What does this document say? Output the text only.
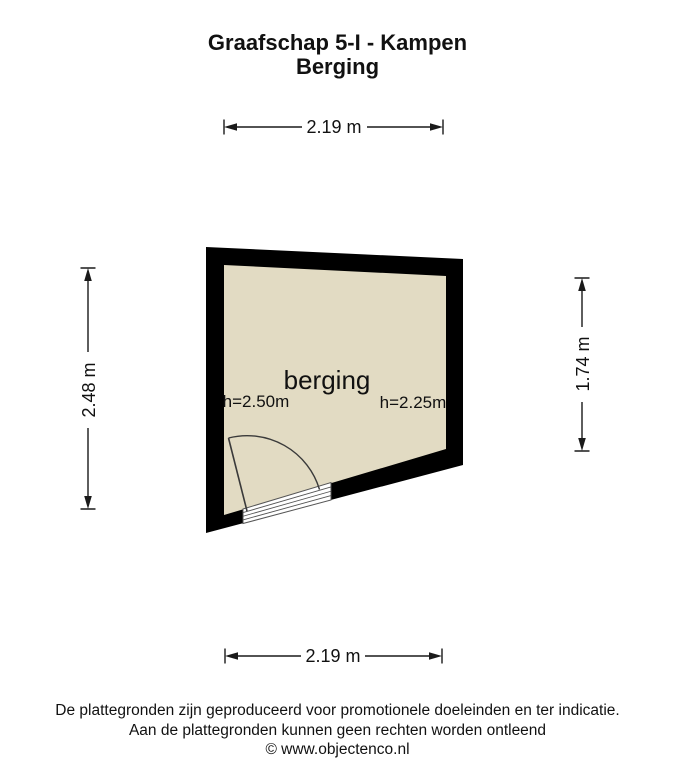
Graafschap 5-I - Kampen
Berging
2.19 m
2.19 m
2.48 m	1.74 m
berging
h=2.50m	h=2.25m
De plattegronden zijn geproduceerd voor promotionele doeleinden en ter indicatie.
Aan de plattegronden kunnen geen rechten worden ontleend
© www.objectenco.nl
